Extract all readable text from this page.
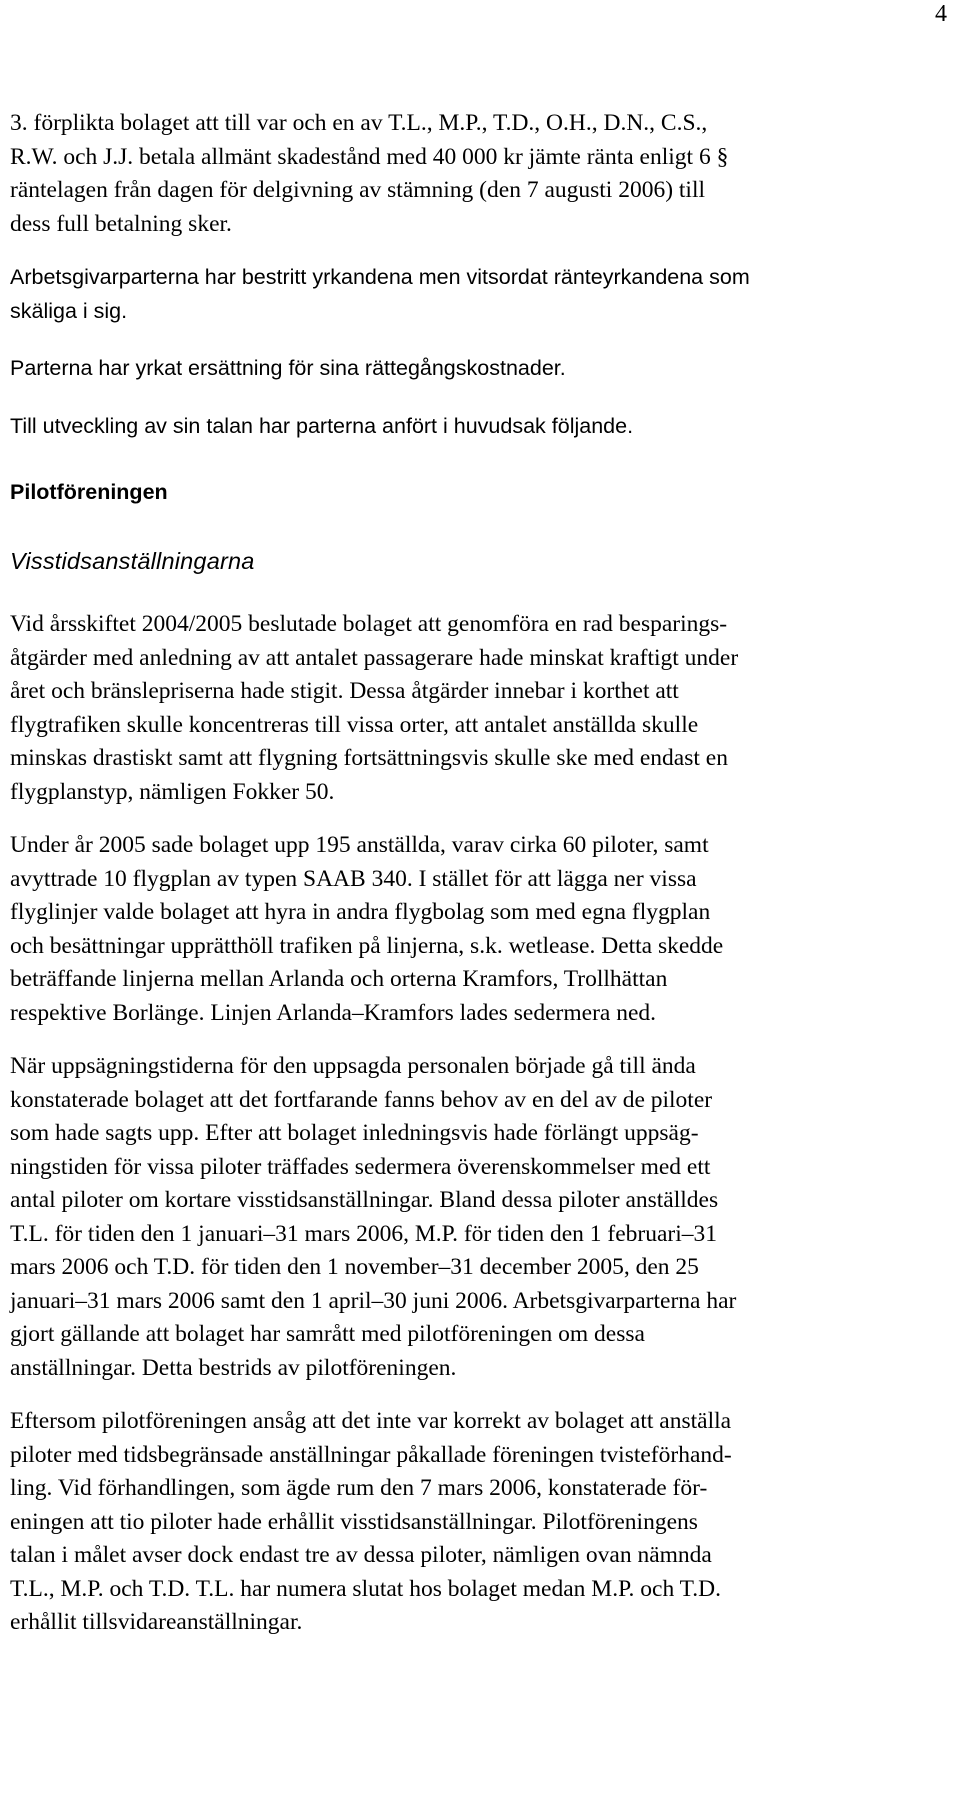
4

3. förplikta bolaget att till var och en av T.L., M.P., T.D., O.H., D.N., C.S.,
R.W. och J.J. betala allmänt skadestånd med 40 000 kr jämte ränta enligt 6 §
räntelagen från dagen för delgivning av stämning (den 7 augusti 2006) till
dess full betalning sker.

Arbetsgivarparterna har bestritt yrkandena men vitsordat ränteyrkandena som
skäliga i sig.

Parterna har yrkat ersättning för sina rättegångskostnader.

Till utveckling av sin talan har parterna anfört i huvudsak följande.

Pilotföreningen

Visstidsanställningarna

Vid årsskiftet 2004/2005 beslutade bolaget att genomföra en rad besparings-
åtgärder med anledning av att antalet passagerare hade minskat kraftigt under
året och bränslepriserna hade stigit. Dessa åtgärder innebar i korthet att
flygtrafiken skulle koncentreras till vissa orter, att antalet anställda skulle
minskas drastiskt samt att flygning fortsättningsvis skulle ske med endast en
flygplanstyp, nämligen Fokker 50.

Under år 2005 sade bolaget upp 195 anställda, varav cirka 60 piloter, samt
avyttrade 10 flygplan av typen SAAB 340. I stället för att lägga ner vissa
flyglinjer valde bolaget att hyra in andra flygbolag som med egna flygplan
och besättningar upprätthöll trafiken på linjerna, s.k. wetlease. Detta skedde
beträffande linjerna mellan Arlanda och orterna Kramfors, Trollhättan
respektive Borlänge. Linjen Arlanda–Kramfors lades sedermera ned.

När uppsägningstiderna för den uppsagda personalen började gå till ända
konstaterade bolaget att det fortfarande fanns behov av en del av de piloter
som hade sagts upp. Efter att bolaget inledningsvis hade förlängt uppsäg-
ningstiden för vissa piloter träffades sedermera överenskommelser med ett
antal piloter om kortare visstidsanställningar. Bland dessa piloter anställdes
T.L. för tiden den 1 januari–31 mars 2006, M.P. för tiden den 1 februari–31
mars 2006 och T.D. för tiden den 1 november–31 december 2005, den 25
januari–31 mars 2006 samt den 1 april–30 juni 2006. Arbetsgivarparterna har
gjort gällande att bolaget har samrått med pilotföreningen om dessa
anställningar. Detta bestrids av pilotföreningen.

Eftersom pilotföreningen ansåg att det inte var korrekt av bolaget att anställa
piloter med tidsbegränsade anställningar påkallade föreningen tvisteförhand-
ling. Vid förhandlingen, som ägde rum den 7 mars 2006, konstaterade för-
eningen att tio piloter hade erhållit visstidsanställningar. Pilotföreningens
talan i målet avser dock endast tre av dessa piloter, nämligen ovan nämnda
T.L., M.P. och T.D. T.L. har numera slutat hos bolaget medan M.P. och T.D.
erhållit tillsvidareanställningar.
